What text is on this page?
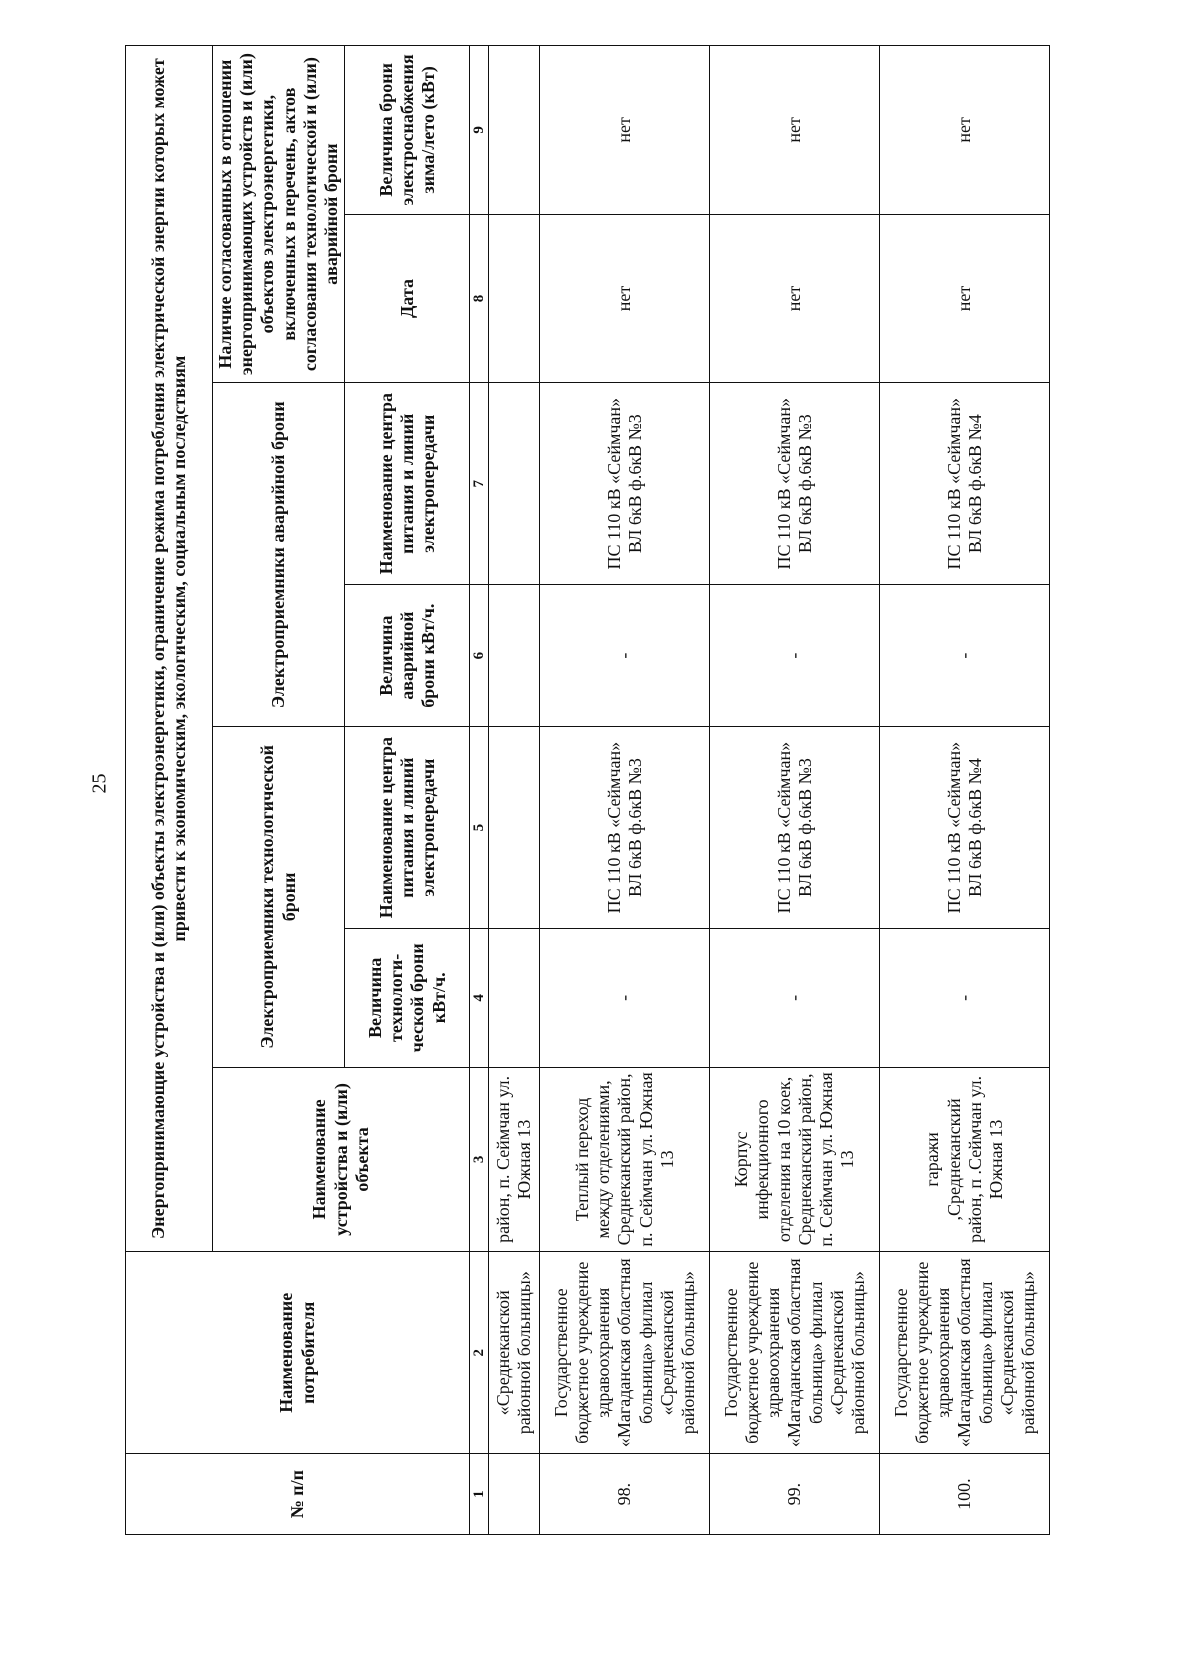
25
№ п/п	Наименование потребителя	Энергопринимающие устройства и (или) объекты электроэнергетики, ограничение режима потребления электрической энергии которых может привести к экономическим, экологическим, социальным последствиям						
		Наименование устройства и (или) объекта	Электроприемники технологической брони		Электроприемники аварийной брони		Наличие согласованных в отношении энергопринимающих устройств и (или) объектов электроэнергетики, включенных в перечень, актов согласования технологической и (или) аварийной брони	
			Величина технологи-ческой брони кВт/ч.	Наименование центра питания и линий электропередачи	Величина аварийной брони кВт/ч.	Наименование центра питания и линий электропередачи	Дата	Величина брони электроснабжения зима/лето (кВт)
1	2	3	4	5	6	7	8	9
	«Среднеканской районной больницы»	район, п. Сеймчан ул. Южная 13						
98.	Государственное бюджетное учреждение здравоохранения «Магаданская областная больница» филиал «Среднеканской районной больницы»	Теплый переход между отделениями, Среднеканский район, п. Сеймчан ул. Южная 13	-	ПС 110 кВ «Сеймчан» ВЛ 6кВ ф.6кВ №3	-	ПС 110 кВ «Сеймчан» ВЛ 6кВ ф.6кВ №3	нет	нет
99.	Государственное бюджетное учреждение здравоохранения «Магаданская областная больница» филиал «Среднеканской районной больницы»	Корпус инфекционного отделения на 10 коек, Среднеканский район, п. Сеймчан ул. Южная 13	-	ПС 110 кВ «Сеймчан» ВЛ 6кВ ф.6кВ №3	-	ПС 110 кВ «Сеймчан» ВЛ 6кВ ф.6кВ №3	нет	нет
100.	Государственное бюджетное учреждение здравоохранения «Магаданская областная больница» филиал «Среднеканской районной больницы»	гаражи ,Среднеканский район, п .Сеймчан ул. Южная 13	-	ПС 110 кВ «Сеймчан» ВЛ 6кВ ф.6кВ №4	-	ПС 110 кВ «Сеймчан» ВЛ 6кВ ф.6кВ №4	нет	нет
